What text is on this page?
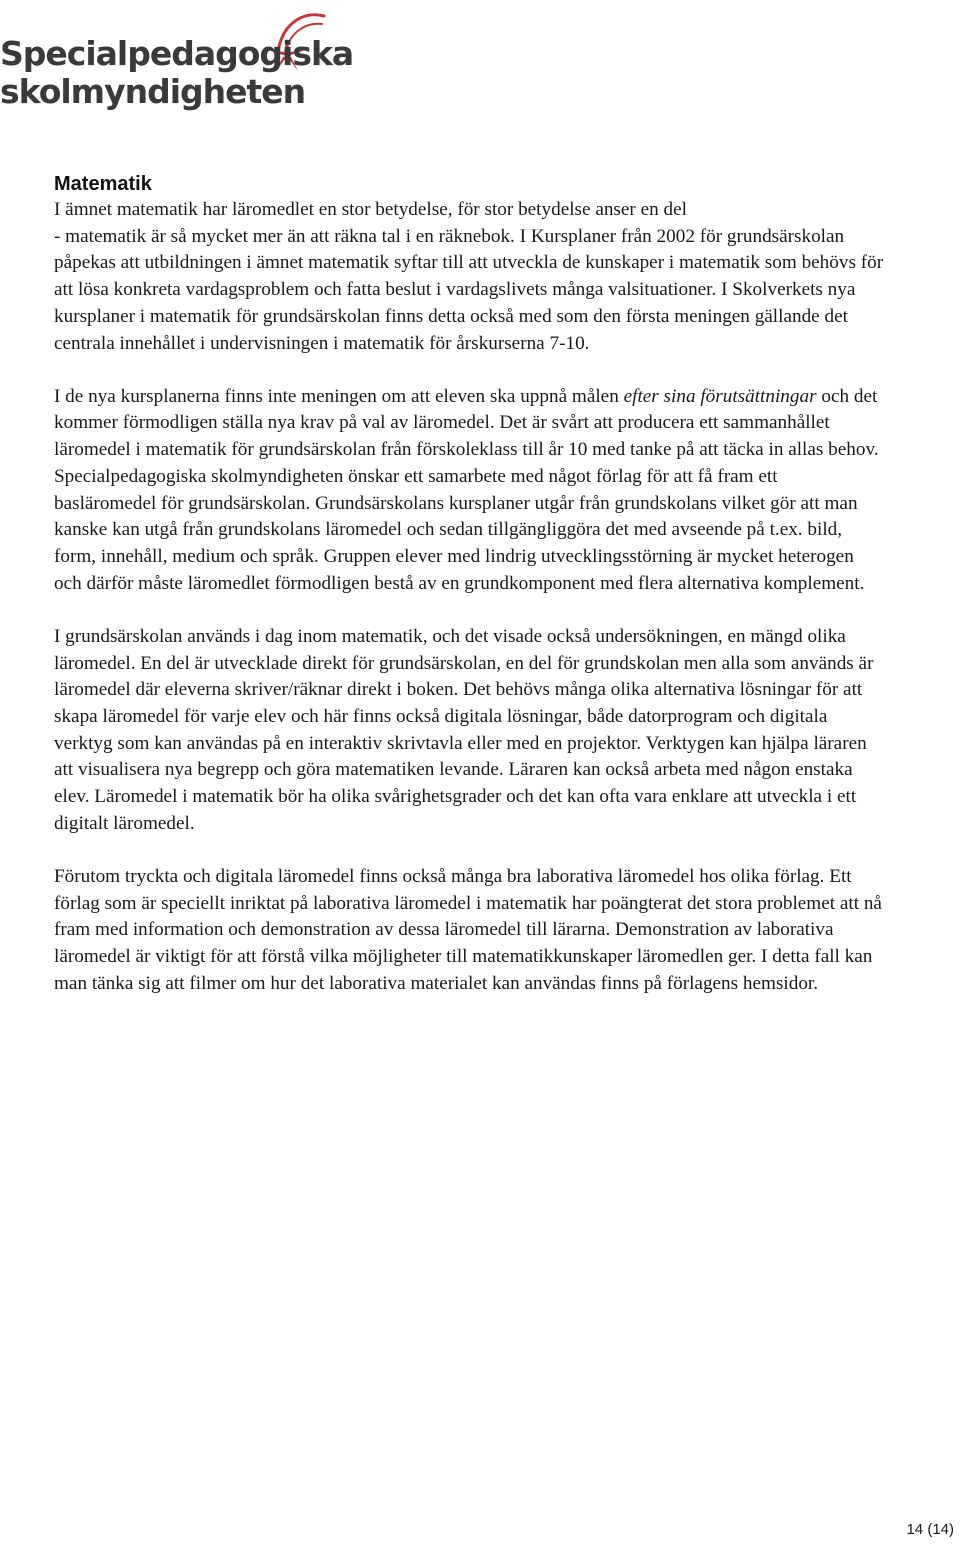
Specialpedagogiska
skolmyndigheten
Matematik

I ämnet matematik har läromedlet en stor betydelse, för stor betydelse anser en del
- matematik är så mycket mer än att räkna tal i en räknebok. I Kursplaner från 2002 för grundsärskolan påpekas att utbildningen i ämnet matematik syftar till att utveckla de kunskaper i matematik som behövs för att lösa konkreta vardagsproblem och fatta beslut i vardagslivets många valsituationer. I Skolverkets nya kursplaner i matematik för grundsärskolan finns detta också med som den första meningen gällande det centrala innehållet i undervisningen i matematik för årskurserna 7-10.

I de nya kursplanerna finns inte meningen om att eleven ska uppnå målen efter sina förutsättningar och det kommer förmodligen ställa nya krav på val av läromedel. Det är svårt att producera ett sammanhållet läromedel i matematik för grundsärskolan från förskoleklass till år 10 med tanke på att täcka in allas behov. Specialpedagogiska skolmyndigheten önskar ett samarbete med något förlag för att få fram ett basläromedel för grundsärskolan. Grundsärskolans kursplaner utgår från grundskolans vilket gör att man kanske kan utgå från grundskolans läromedel och sedan tillgängliggöra det med avseende på t.ex. bild, form, innehåll, medium och språk. Gruppen elever med lindrig utvecklingsstörning är mycket heterogen och därför måste läromedlet förmodligen bestå av en grundkomponent med flera alternativa komplement.

I grundsärskolan används i dag inom matematik, och det visade också undersökningen, en mängd olika läromedel. En del är utvecklade direkt för grundsärskolan, en del för grundskolan men alla som används är läromedel där eleverna skriver/räknar direkt i boken. Det behövs många olika alternativa lösningar för att skapa läromedel för varje elev och här finns också digitala lösningar, både datorprogram och digitala verktyg som kan användas på en interaktiv skrivtavla eller med en projektor. Verktygen kan hjälpa läraren att visualisera nya begrepp och göra matematiken levande. Läraren kan också arbeta med någon enstaka elev. Läromedel i matematik bör ha olika svårighetsgrader och det kan ofta vara enklare att utveckla i ett digitalt läromedel.

Förutom tryckta och digitala läromedel finns också många bra laborativa läromedel hos olika förlag. Ett förlag som är speciellt inriktat på laborativa läromedel i matematik har poängterat det stora problemet att nå fram med information och demonstration av dessa läromedel till lärarna. Demonstration av laborativa läromedel är viktigt för att förstå vilka möjligheter till matematikkunskaper läromedlen ger. I detta fall kan man tänka sig att filmer om hur det laborativa materialet kan användas finns på förlagens hemsidor.

14 (14)
